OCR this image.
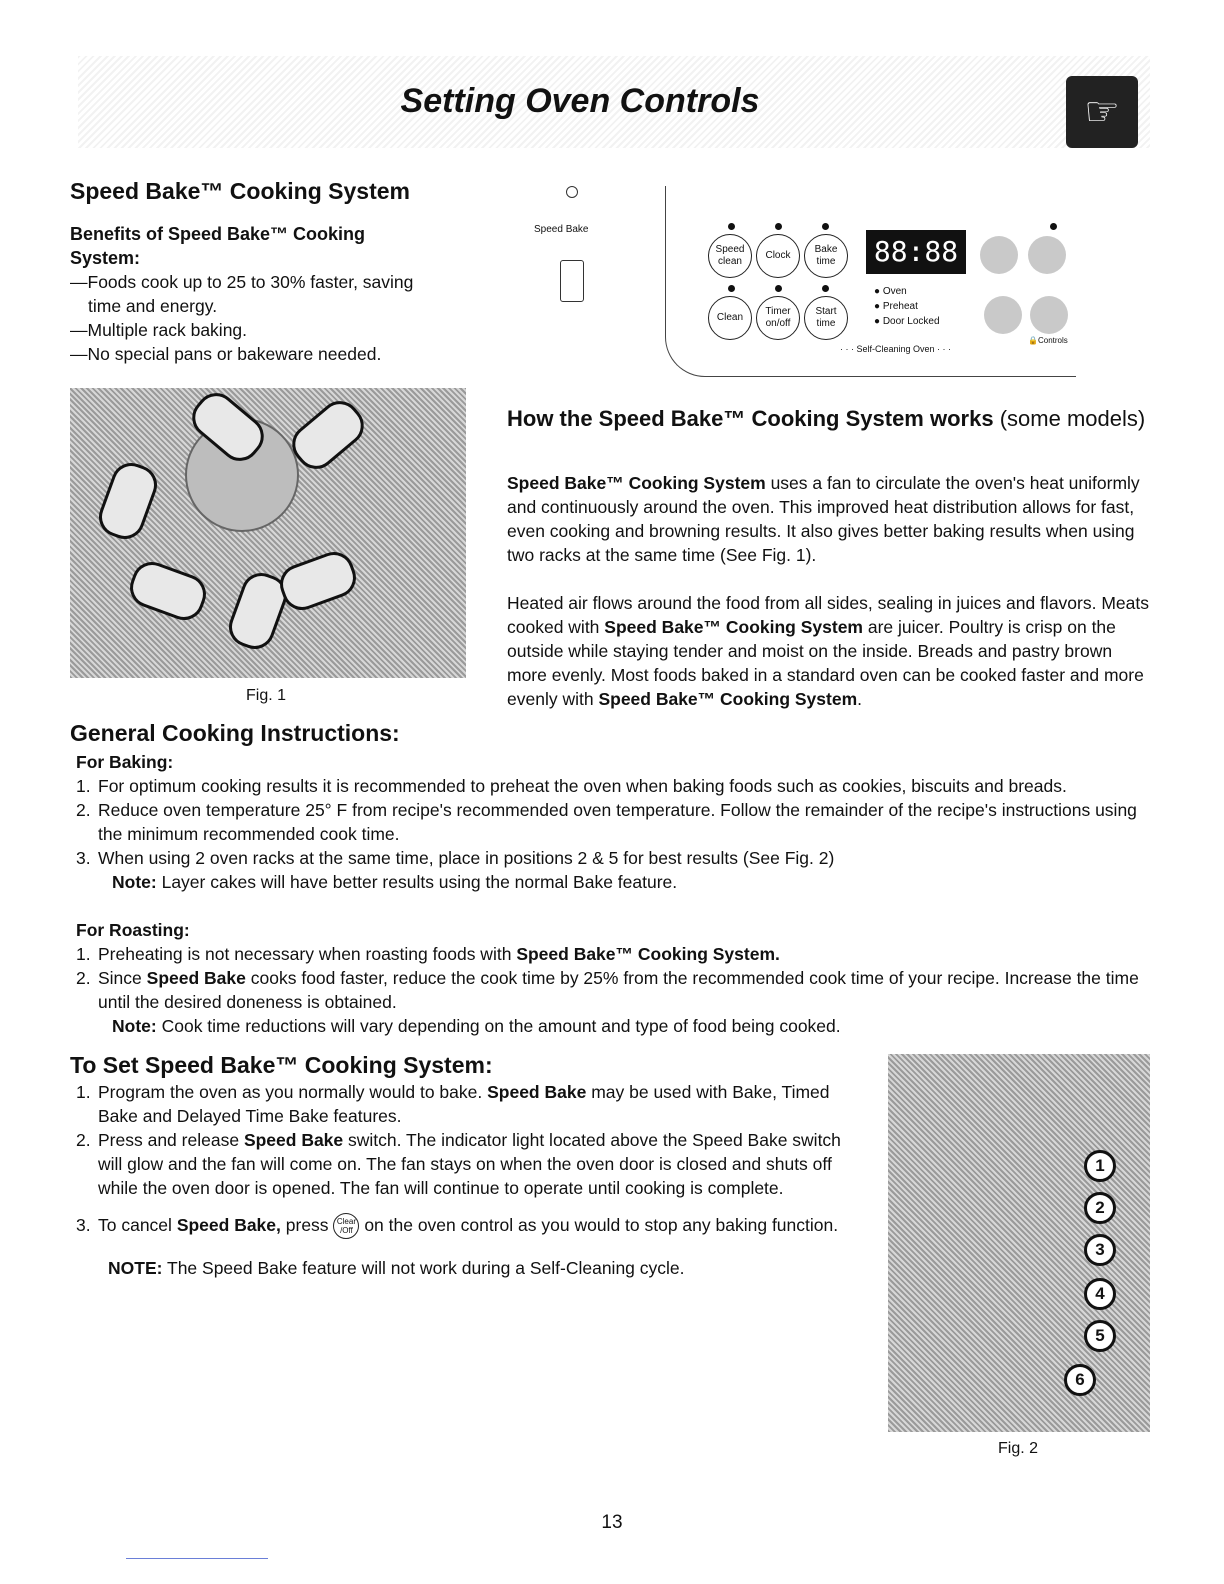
Setting Oven Controls	☞
Speed Bake™ Cooking System
Benefits of Speed Bake™ Cooking System:
—Foods cook up to 25 to 30% faster, saving time and energy.
—Multiple rack baking.
—No special pans or bakeware needed.
Speed Bake
Speed clean
Clock
Bake time	88:88
Clean
Timer on/off
Start time
● Oven
● Preheat
● Door Locked
· · · Self-Cleaning Oven · · ·
🔒Controls
Fig. 1
How the Speed Bake™ Cooking System works (some models)

Speed Bake™ Cooking System uses a fan to circulate the oven's heat uniformly and continuously around the oven. This improved heat distribution allows for fast, even cooking and browning results. It also gives better baking results when using two racks at the same time (See Fig. 1).

Heated air flows around the food from all sides, sealing in juices and flavors. Meats cooked with Speed Bake™ Cooking System are juicer. Poultry is crisp on the outside while staying tender and moist on the inside. Breads and pastry brown more evenly. Most foods baked in a standard oven can be cooked faster and more evenly with Speed Bake™ Cooking System.

General Cooking Instructions:
For Baking:
1. For optimum cooking results it is recommended to preheat the oven when baking foods such as cookies, biscuits and breads.
2. Reduce oven temperature 25° F from recipe's recommended oven temperature. Follow the remainder of the recipe's instructions using the minimum recommended cook time.
3. When using 2 oven racks at the same time, place in positions 2 & 5 for best results (See Fig. 2)
Note: Layer cakes will have better results using the normal Bake feature.
For Roasting:
1. Preheating is not necessary when roasting foods with Speed Bake™ Cooking System.
2. Since Speed Bake cooks food faster, reduce the cook time by 25% from the recommended cook time of your recipe. Increase the time until the desired doneness is obtained.
Note: Cook time reductions will vary depending on the amount and type of food being cooked.
To Set Speed Bake™ Cooking System:
1. Program the oven as you normally would to bake. Speed Bake may be used with Bake, Timed Bake and Delayed Time Bake features.
2. Press and release Speed Bake switch. The indicator light located above the Speed Bake switch will glow and the fan will come on. The fan stays on when the oven door is closed and shuts off while the oven door is opened. The fan will continue to operate until cooking is complete.
3. To cancel Speed Bake, press Clear /Off on the oven control as you would to stop any baking function.
NOTE: The Speed Bake feature will not work during a Self-Cleaning cycle.
1
2
3
4
5
6
Fig. 2
13
